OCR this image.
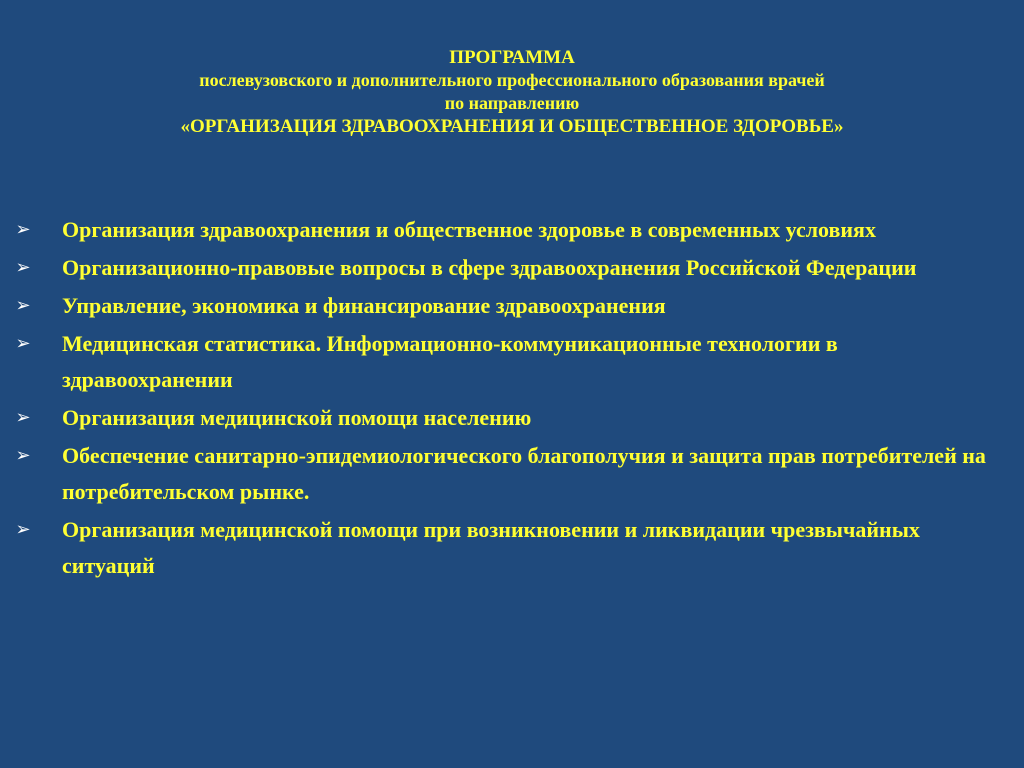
ПРОГРАММА
послевузовского и дополнительного профессионального образования врачей
по направлению
«ОРГАНИЗАЦИЯ ЗДРАВООХРАНЕНИЯ И ОБЩЕСТВЕННОЕ ЗДОРОВЬЕ»
➢ Организация здравоохранения и общественное здоровье в современных условиях
➢ Организационно-правовые вопросы в сфере здравоохранения Российской Федерации
➢ Управление, экономика и финансирование здравоохранения
➢ Медицинская статистика. Информационно-коммуникационные технологии в здравоохранении
➢ Организация медицинской помощи населению
➢ Обеспечение санитарно-эпидемиологического благополучия и защита прав потребителей на потребительском рынке.
➢ Организация медицинской помощи при возникновении и ликвидации чрезвычайных ситуаций
